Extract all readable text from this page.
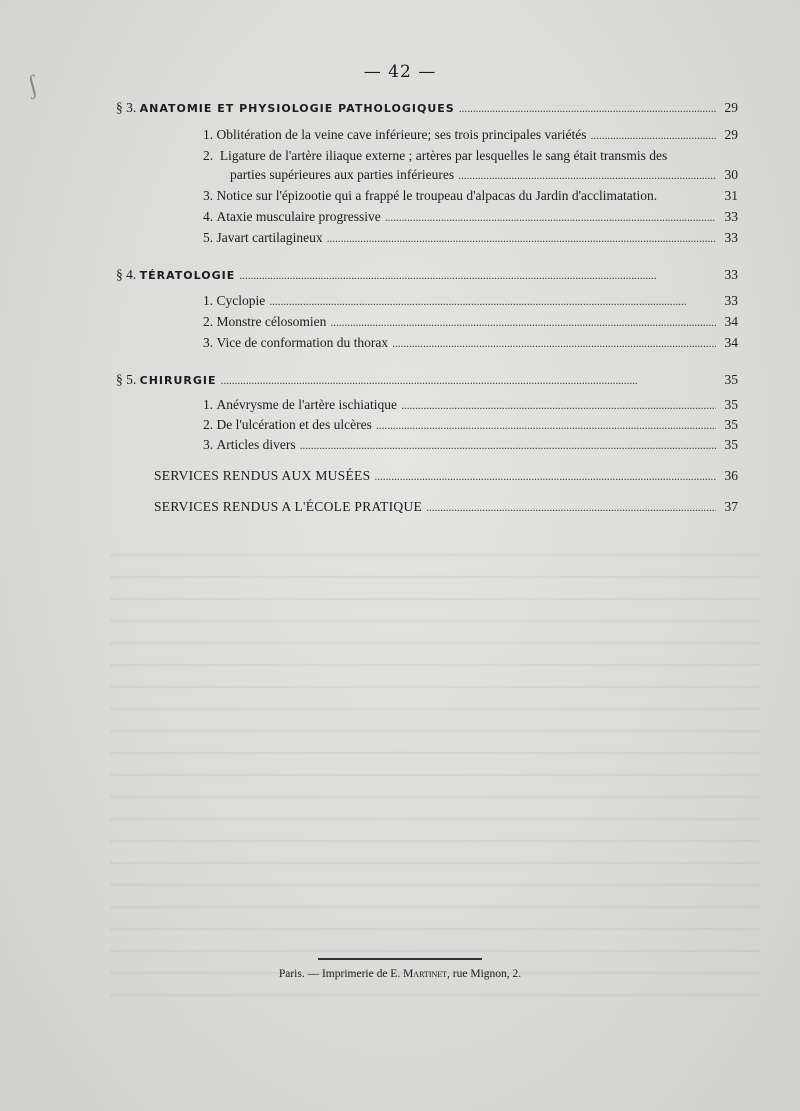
ʃ	— 42 —
§ 3.
ANATOMIE ET PHYSIOLOGIE PATHOLOGIQUES . . .	29
1.
Oblitération de la veine cave inférieure; ses trois principales variétés . . .	29
2. Ligature de l'artère iliaque externe ; artères par lesquelles le sang était transmis des
parties supérieures aux parties inférieures . . .	30
3. Notice sur l'épizootie qui a frappé le troupeau d'alpacas du Jardin d'acclimatation.	31
4.
Ataxie musculaire progressive . . .	33
5.
Javart cartilagineux . . .	33
§ 4.
TÉRATOLOGIE . . .	33
1.
Cyclopie . . .	33
2.
Monstre célosomien . . .	34
3.
Vice de conformation du thorax . . .	34
§ 5.
CHIRURGIE . . .	35
1.
Anévrysme de l'artère ischiatique . . .	35
2.
De l'ulcération et des ulcères . . .	35
3.
Articles divers . . .	35
SERVICES RENDUS AUX MUSÉES . . .	36
SERVICES RENDUS A L'ÉCOLE PRATIQUE . . .	37
Paris. — Imprimerie de E. Martinet, rue Mignon, 2.
